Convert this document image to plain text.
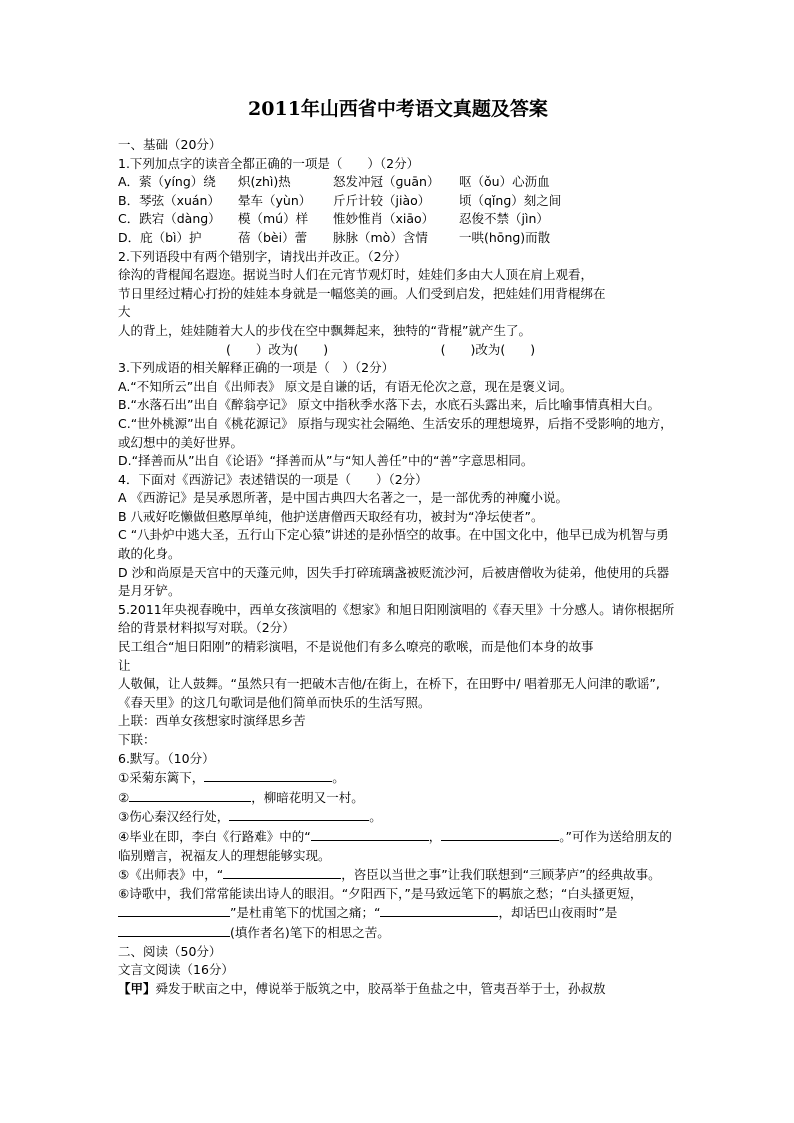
2011年山西省中考语文真题及答案
一、基础（20分）
1.下列加点字的读音全都正确的一项是（　　）（2分）
A．萦（yíng）绕	炽(zhì)热	怒发冲冠（ɡuān）	呕（ǒu）心沥血
B．琴弦（xuán）	晕车（yùn）	斤斤计较（jiào）	顷（qǐnɡ）刻之间
C．跌宕（dànɡ）	模（mú）样	惟妙惟肖（xiāo）	忍俊不禁（jìn）
D．庇（bì）护	蓓（bèi）蕾	脉脉（mò）含情	一哄(hōnɡ)而散
2.下列语段中有两个错别字，请找出并改正。（2分）
徐沟的背棍闻名遐迩。据说当时人们在元宵节观灯时，娃娃们多由大人顶在肩上观看，
节日里经过精心打扮的娃娃本身就是一幅悠美的画。人们受到启发，把娃娃们用背棍绑在
大
人的背上，娃娃随着大人的步伐在空中飘舞起来，独特的“背棍”就产生了。
(　　）改为(　　)　　　　　　　　　(　　)改为(　　)
3.下列成语的相关解释正确的一项是（　）（2分）
A.“不知所云”出自《出师表》 原文是自谦的话，有语无伦次之意，现在是褒义词。
B.“水落石出”出自《醉翁亭记》 原文中指秋季水落下去，水底石头露出来，后比喻事情真相大白。
C.“世外桃源”出自《桃花源记》 原指与现实社会隔绝、生活安乐的理想境界，后指不受影响的地方，或幻想中的美好世界。
D.“择善而从”出自《论语》“择善而从”与“知人善任”中的“善”字意思相同。
4．下面对《西游记》表述错误的一项是（　　）（2分）
A 《西游记》是吴承恩所著，是中国古典四大名著之一，是一部优秀的神魔小说。
B 八戒好吃懒做但憨厚单纯，他护送唐僧西天取经有功，被封为“净坛使者”。
C “八卦炉中逃大圣，五行山下定心猿”讲述的是孙悟空的故事。在中国文化中，他早已成为机智与勇敢的化身。
D 沙和尚原是天宫中的天蓬元帅，因失手打碎琉璃盏被贬流沙河，后被唐僧收为徒弟，他使用的兵器是月牙铲。
5.2011年央视春晚中，西单女孩演唱的《想家》和旭日阳刚演唱的《春天里》十分感人。请你根据所给的背景材料拟写对联。（2分）
民工组合“旭日阳刚”的精彩演唱，不是说他们有多么嘹亮的歌喉，而是他们本身的故事
让
人敬佩，让人鼓舞。“虽然只有一把破木吉他/在街上，在桥下，在田野中/ 唱着那无人问津的歌谣”,《春天里》的这几句歌词是他们简单而快乐的生活写照。
上联：西单女孩想家时演绎思乡苦
下联：
6.默写。（10分）
①采菊东篱下，	。
②	，柳暗花明又一村。
③伤心秦汉经行处，	。
④毕业在即，李白《行路难》中的“	，	。”可作为送给朋友的临别赠言，祝福友人的理想能够实现。
⑤《出师表》中，“	，咨臣以当世之事”让我们联想到“三顾茅庐”的经典故事。
⑥诗歌中，我们常常能读出诗人的眼泪。“夕阳西下，”是马致远笔下的羁旅之愁；“白头搔更短，”是杜甫笔下的忧国之痛；“	，却话巴山夜雨时”是(填作者名)笔下的相思之苦。
二、阅读（50分）
文言文阅读（16分）
【甲】舜发于畎亩之中，傅说举于版筑之中，胶鬲举于鱼盐之中，管夷吾举于士，孙叔敖
